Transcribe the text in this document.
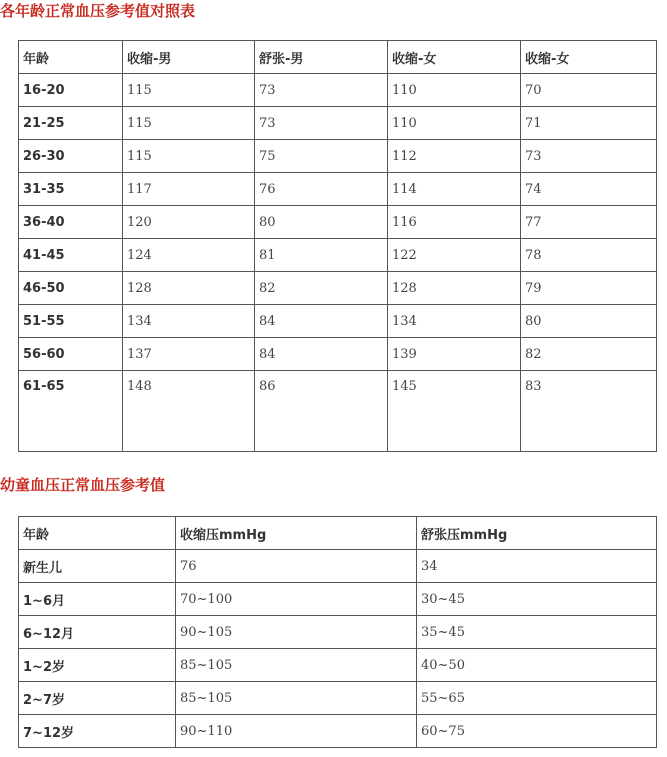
各年龄正常血压参考值对照表
年龄	收缩-男	舒张-男	收缩-女	收缩-女
16-20	115	73	110	70
21-25	115	73	110	71
26-30	115	75	112	73
31-35	117	76	114	74
36-40	120	80	116	77
41-45	124	81	122	78
46-50	128	82	128	79
51-55	134	84	134	80
56-60	137	84	139	82
61-65	148	86	145	83
幼童血压正常血压参考值
年龄	收缩压mmHg	舒张压mmHg
新生儿	76	34
1~6月	70~100	30~45
6~12月	90~105	35~45
1~2岁	85~105	40~50
2~7岁	85~105	55~65
7~12岁	90~110	60~75
